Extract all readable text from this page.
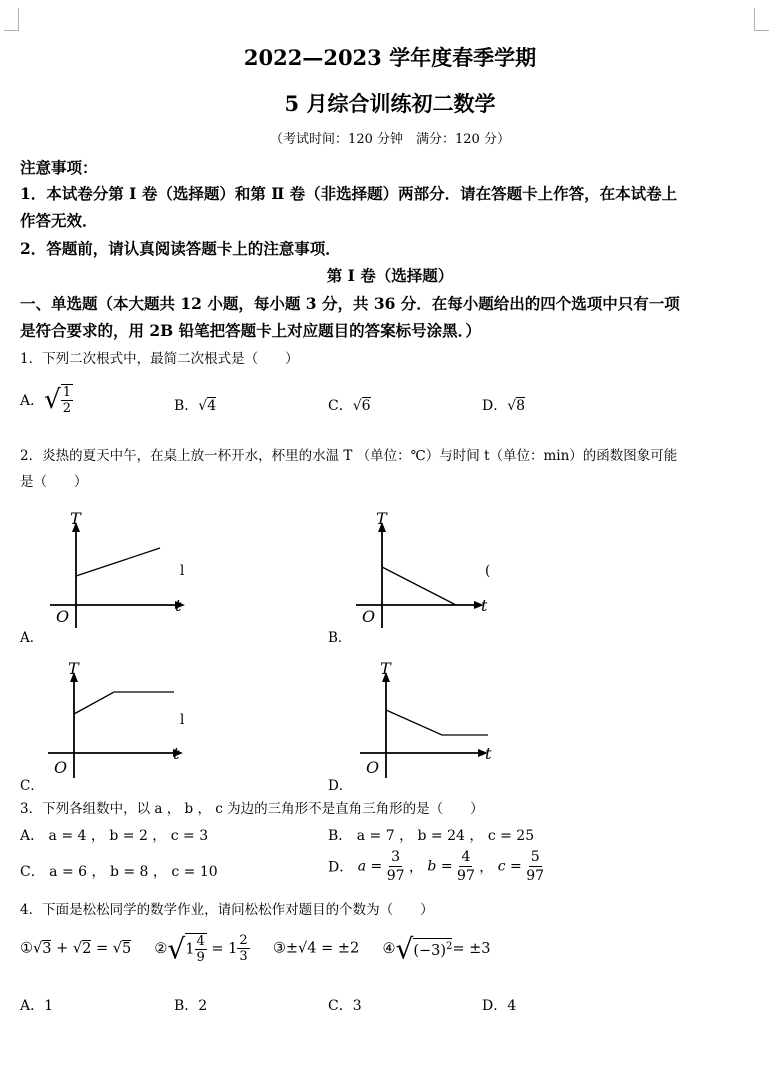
2022—2023 学年度春季学期
5 月综合训练初二数学
（考试时间：120 分钟　满分：120 分）
注意事项：
1．本试卷分第 Ⅰ 卷（选择题）和第 Ⅱ 卷（非选择题）两部分．请在答题卡上作答，在本试卷上
作答无效．
2．答题前，请认真阅读答题卡上的注意事项．
第 Ⅰ 卷（选择题）
一、单选题（本大题共 12 小题，每小题 3 分，共 36 分．在每小题给出的四个选项中只有一项
是符合要求的，用 2B 铅笔把答题卡上对应题目的答案标号涂黑．）
1．下列二次根式中，最简二次根式是（　　）
A．√ $\frac{1}{2}$	B．√4	C．√6	D．√8
2．炎热的夏天中午，在桌上放一杯开水，杯里的水温 T （单位：℃）与时间 t（单位：min）的函数图象可能
是（　　）
T
t
O
l
A．
T
t
O
(
B．
T
t
O
l
C．
T
t
O
D．
3．下列各组数中，以 a ， b ， c 为边的三角形不是直角三角形的是（　　）
A． a = 4 ， b = 2 ， c = 3	B． a = 7 ， b = 24 ， c = 25
C． a = 6 ， b = 8 ， c = 10	D． $a = \frac{3}{97}$ ， $b = \frac{4}{97}$ ， $c = \frac{5}{97}$
4．下面是松松同学的数学作业，请问松松作对题目的个数为（　　）
①√3 + √2 = √5 ②√1 $\frac{4}{9} = 1 \frac{2}{3}$ ③±√4 = ±2 $④√(-3)^2= \pm 3$
A．1	B．2	C．3	D．4
